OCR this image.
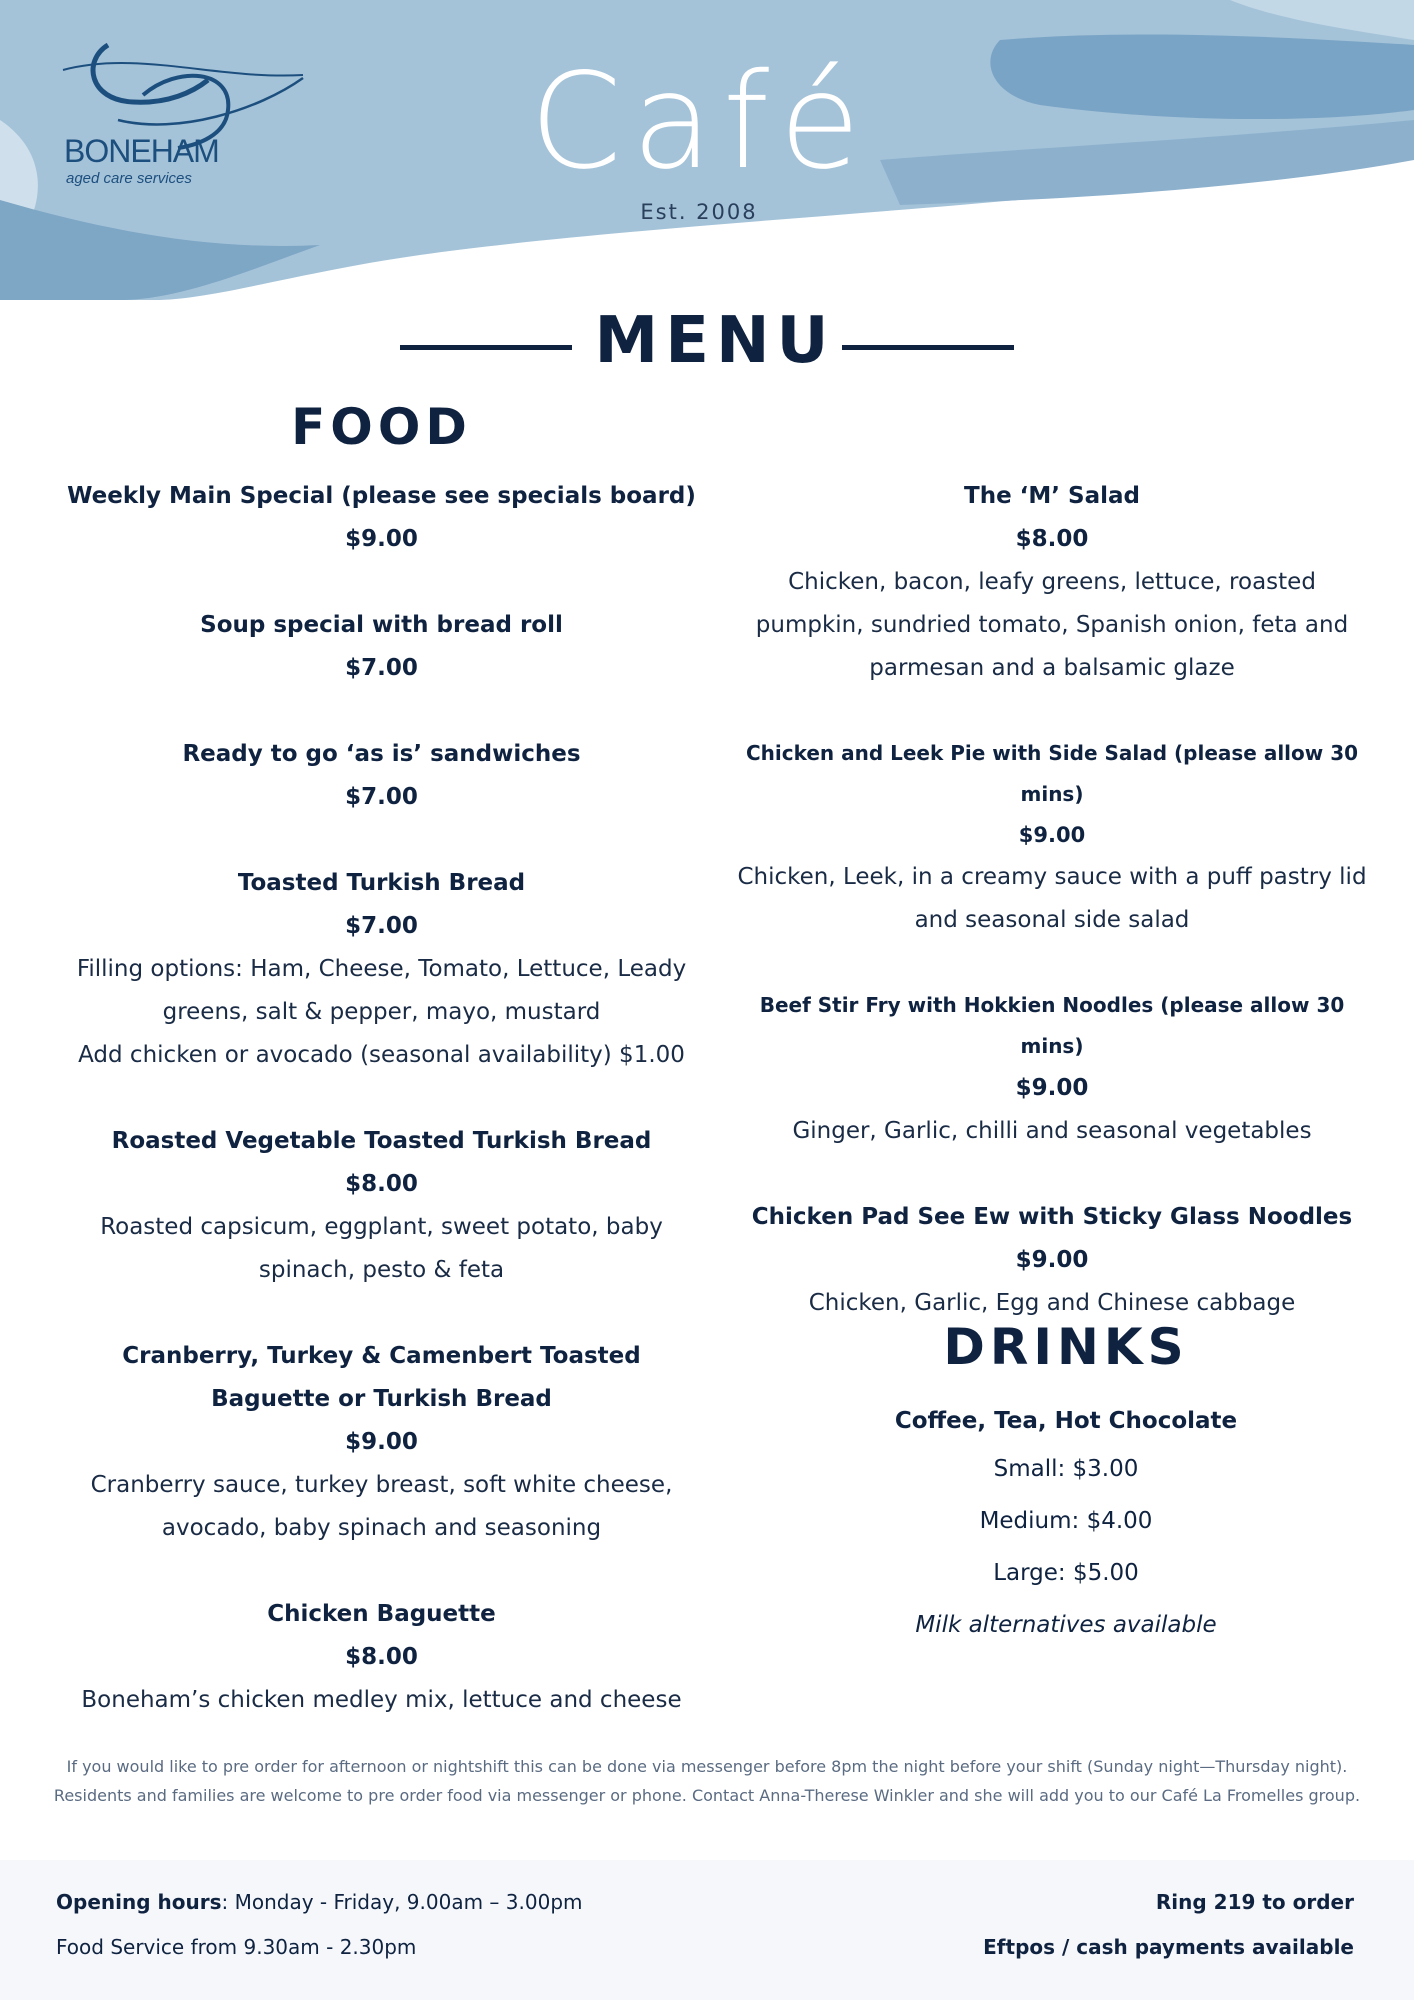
BONEHAM

aged care services	Café
Est. 2008
MENU
FOOD
Weekly Main Special (please see specials board)
$9.00
Soup special with bread roll
$7.00
Ready to go ‘as is’ sandwiches
$7.00
Toasted Turkish Bread
$7.00
Filling options: Ham, Cheese, Tomato, Lettuce, Leady greens, salt & pepper, mayo, mustard
Add chicken or avocado (seasonal availability) $1.00
Roasted Vegetable Toasted Turkish Bread
$8.00
Roasted capsicum, eggplant, sweet potato, baby spinach, pesto & feta
Cranberry, Turkey & Camenbert Toasted Baguette or Turkish Bread
$9.00
Cranberry sauce, turkey breast, soft white cheese, avocado, baby spinach and seasoning
Chicken Baguette
$8.00
Boneham’s chicken medley mix, lettuce and cheese
The ‘M’ Salad
$8.00
Chicken, bacon, leafy greens, lettuce, roasted pumpkin, sundried tomato, Spanish onion, feta and parmesan and a balsamic glaze
Chicken and Leek Pie with Side Salad (please allow 30 mins)
$9.00
Chicken, Leek, in a creamy sauce with a puff pastry lid and seasonal side salad
Beef Stir Fry with Hokkien Noodles (please allow 30 mins)
$9.00
Ginger, Garlic, chilli and seasonal vegetables
Chicken Pad See Ew with Sticky Glass Noodles
$9.00
Chicken, Garlic, Egg and Chinese cabbage
DRINKS
Coffee, Tea, Hot Chocolate
Small: $3.00
Medium: $4.00
Large: $5.00
Milk alternatives available
If you would like to pre order for afternoon or nightshift this can be done via messenger before 8pm the night before your shift (Sunday night—Thursday night).
Residents and families are welcome to pre order food via messenger or phone. Contact Anna-Therese Winkler and she will add you to our Café La Fromelles group.
Opening hours: Monday - Friday, 9.00am – 3.00pm
Food Service from 9.30am - 2.30pm
Ring 219 to order
Eftpos / cash payments available
